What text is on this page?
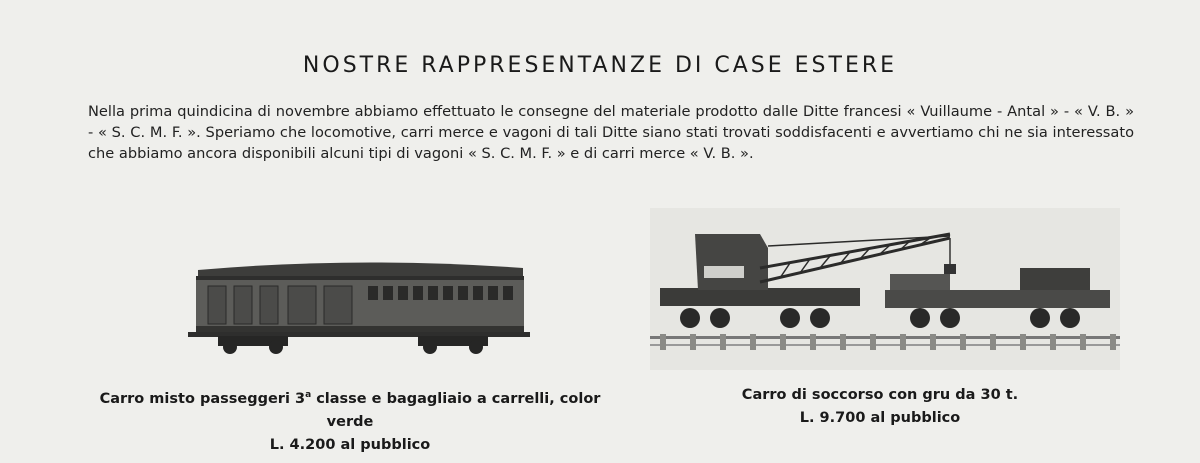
NOSTRE RAPPRESENTANZE DI CASE ESTERE

Nella prima quindicina di novembre abbiamo effettuato le consegne del materiale prodotto dalle Ditte francesi « Vuillaume - Antal » - « V. B. » - « S. C. M. F. ». Speriamo che locomotive, carri merce e vagoni di tali Ditte siano stati trovati soddisfacenti e avvertiamo chi ne sia interessato che abbiamo ancora disponibili alcuni tipi di vagoni « S. C. M. F. » e di carri merce « V. B. ».

Carro misto passeggeri 3$^a$ classe e bagagliaio a carrelli, color verde
L. 4.200 al pubblico
Carro di soccorso con gru da 30 t.
L. 9.700 al pubblico
